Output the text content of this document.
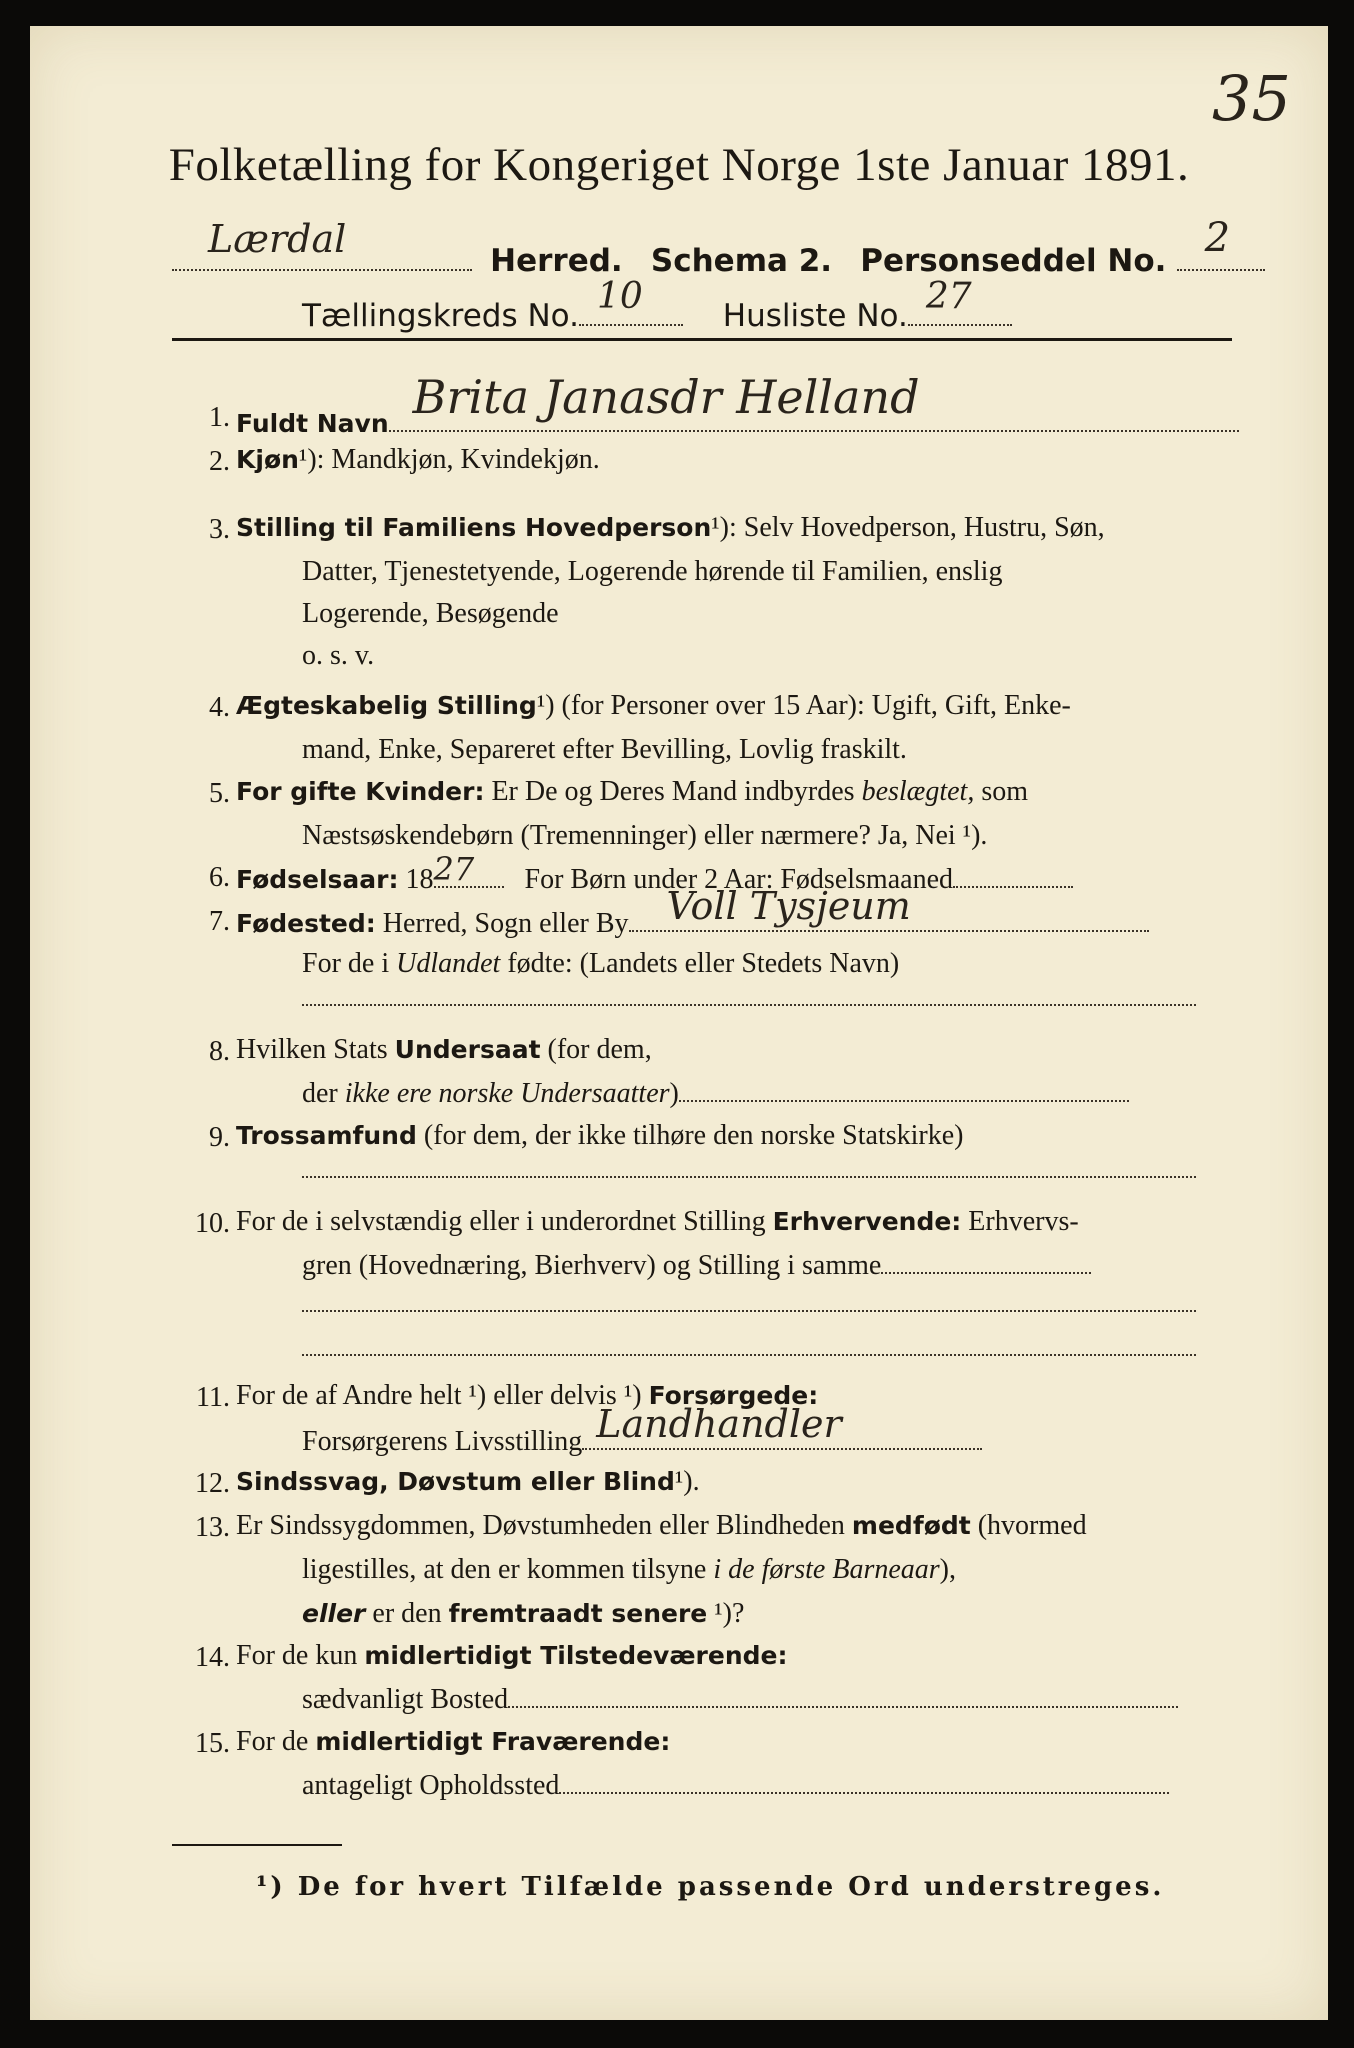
35
Folketælling for Kongeriget Norge 1ste Januar 1891.
Lærdal	Herred. Schema 2. Personseddel No. 2
Tællingskreds No. 10	Husliste No. 27
1. Fuldt Navn Brita Janasdr Helland
2. Kjøn¹): Mandkjøn, Kvindekjøn.
3. Stilling til Familiens Hovedperson¹): Selv Hovedperson, Hustru, Søn,
Datter, Tjenestetyende, Logerende hørende til Familien, enslig
Logerende, Besøgende
o. s. v.
4. Ægteskabelig Stilling¹) (for Personer over 15 Aar): Ugift, Gift, Enke-
mand, Enke, Separeret efter Bevilling, Lovlig fraskilt.
5. For gifte Kvinder: Er De og Deres Mand indbyrdes beslægtet, som
Næstsøskendebørn (Tremenninger) eller nærmere? Ja, Nei ¹).
6. Fødselsaar: 18 27 For Børn under 2 Aar: Fødselsmaaned
7. Fødested: Herred, Sogn eller By Voll Tysjeum
For de i Udlandet fødte: (Landets eller Stedets Navn)
8. Hvilken Stats Undersaat (for dem,
der ikke ere norske Undersaatter)
9. Trossamfund (for dem, der ikke tilhøre den norske Statskirke)
10. For de i selvstændig eller i underordnet Stilling Erhvervende: Erhvervs-
gren (Hovednæring, Bierhverv) og Stilling i samme
11. For de af Andre helt ¹) eller delvis ¹) Forsørgede:
Forsørgerens Livsstilling Landhandler
12. Sindssvag, Døvstum eller Blind¹).
13. Er Sindssygdommen, Døvstumheden eller Blindheden medfødt (hvormed
ligestilles, at den er kommen tilsyne i de første Barneaar),
eller er den fremtraadt senere ¹)?
14. For de kun midlertidigt Tilstedeværende:
sædvanligt Bosted
15. For de midlertidigt Fraværende:
antageligt Opholdssted
¹) De for hvert Tilfælde passende Ord understreges.
